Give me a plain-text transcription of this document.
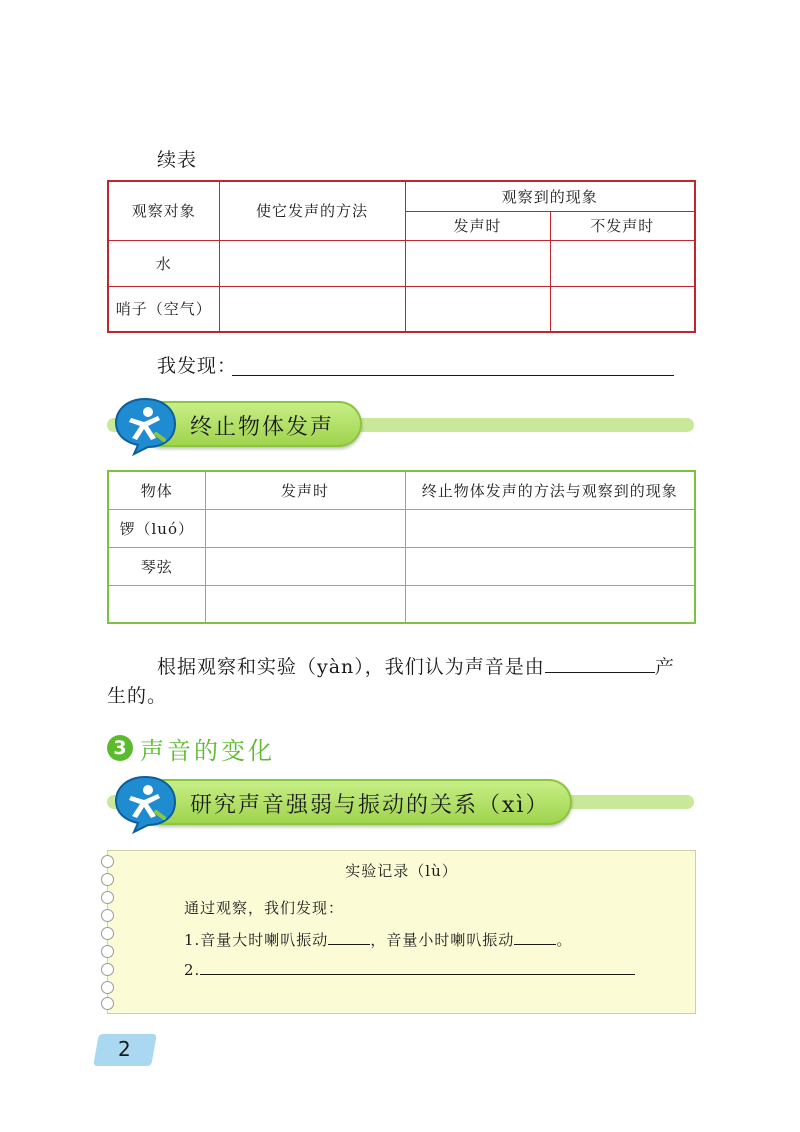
续表
观察对象	使它发声的方法	观察到的现象	
		发声时	不发声时
水			
哨子（空气）			
我发现：
终止物体发声
物体	发声时	终止物体发声的方法与观察到的现象
锣（luó）		
琴弦		

根据观察和实验（yàn），我们认为声音是由	产
生的。
3 声音的变化
研究声音强弱与振动的关系（xì）
实验记录（lù）
通过观察，我们发现：
1.音量大时喇叭振动	，音量小时喇叭振动	。
2.
2
